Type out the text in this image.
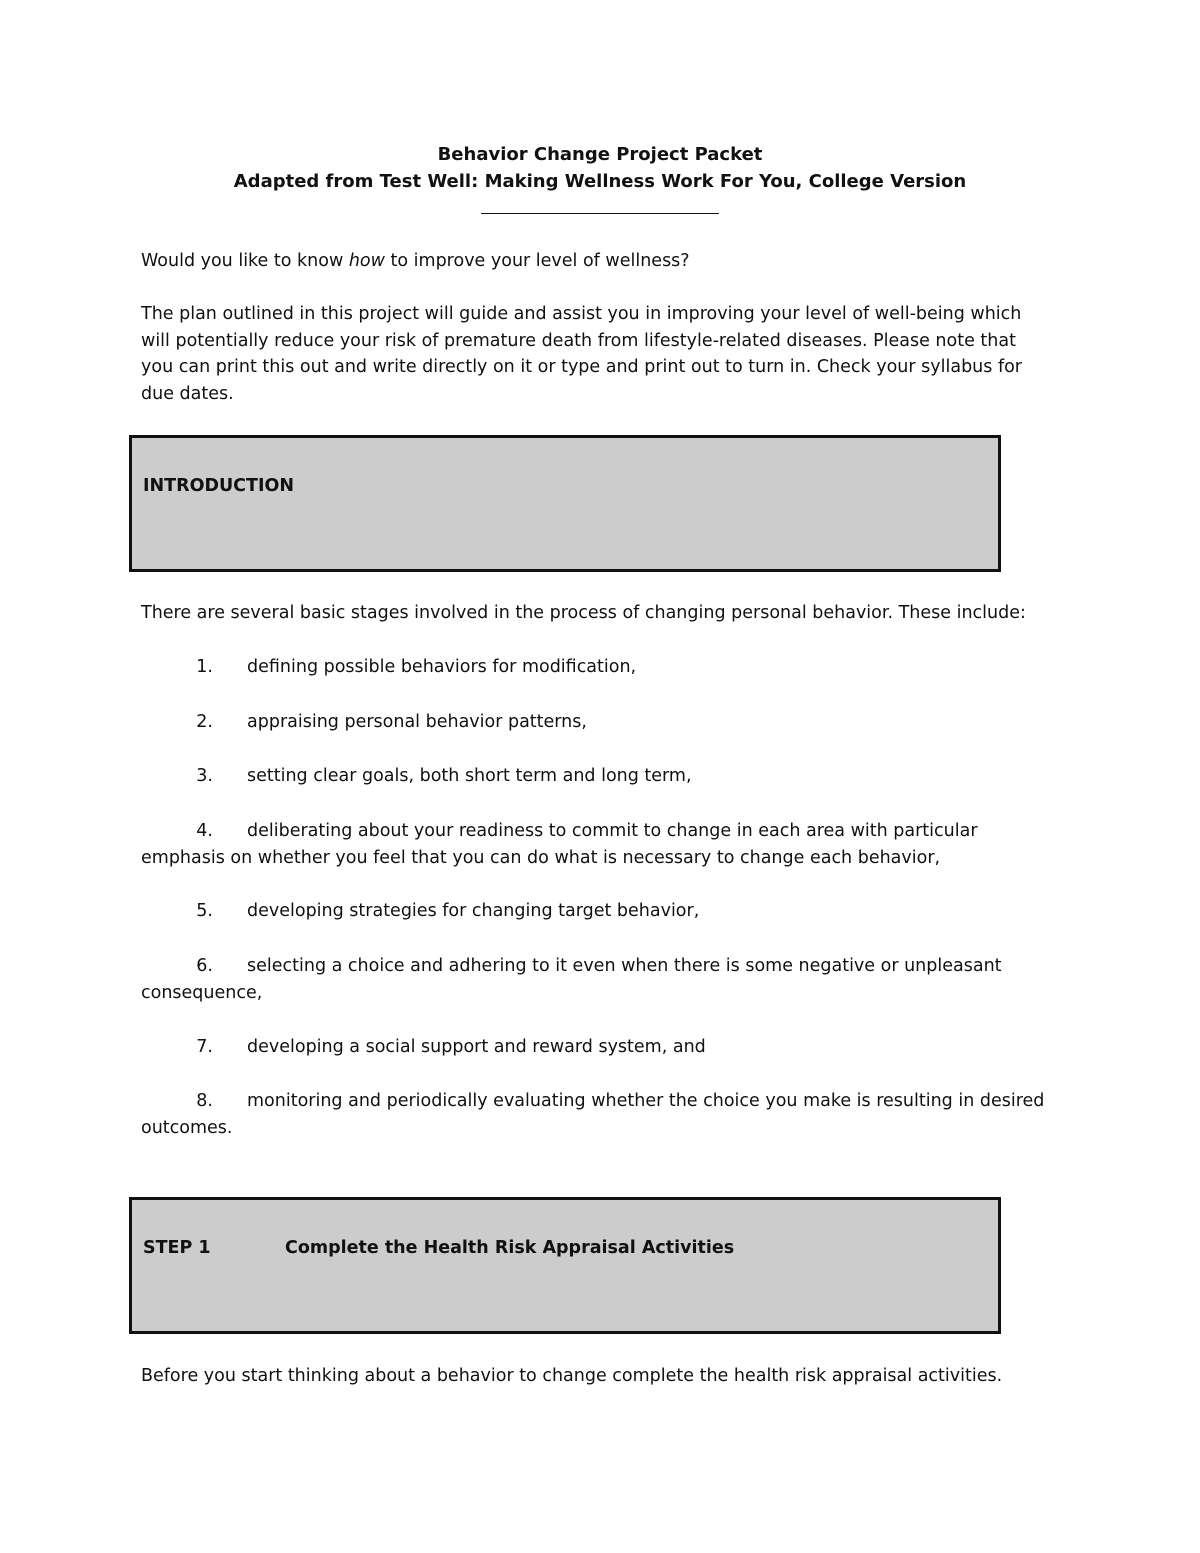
Behavior Change Project Packet
Adapted from Test Well: Making Wellness Work For You, College Version

Would you like to know how to improve your level of wellness?

The plan outlined in this project will guide and assist you in improving your level of well-being which will potentially reduce your risk of premature death from lifestyle-related diseases. Please note that you can print this out and write directly on it or type and print out to turn in. Check your syllabus for due dates.

INTRODUCTION

There are several basic stages involved in the process of changing personal behavior. These include:

1. defining possible behaviors for modification,
2. appraising personal behavior patterns,
3. setting clear goals, both short term and long term,
4. deliberating about your readiness to commit to change in each area with particular emphasis on whether you feel that you can do what is necessary to change each behavior,
5. developing strategies for changing target behavior,
6. selecting a choice and adhering to it even when there is some negative or unpleasant consequence,
7. developing a social support and reward system, and
8. monitoring and periodically evaluating whether the choice you make is resulting in desired outcomes.
STEP 1	Complete the Health Risk Appraisal Activities

Before you start thinking about a behavior to change complete the health risk appraisal activities.
